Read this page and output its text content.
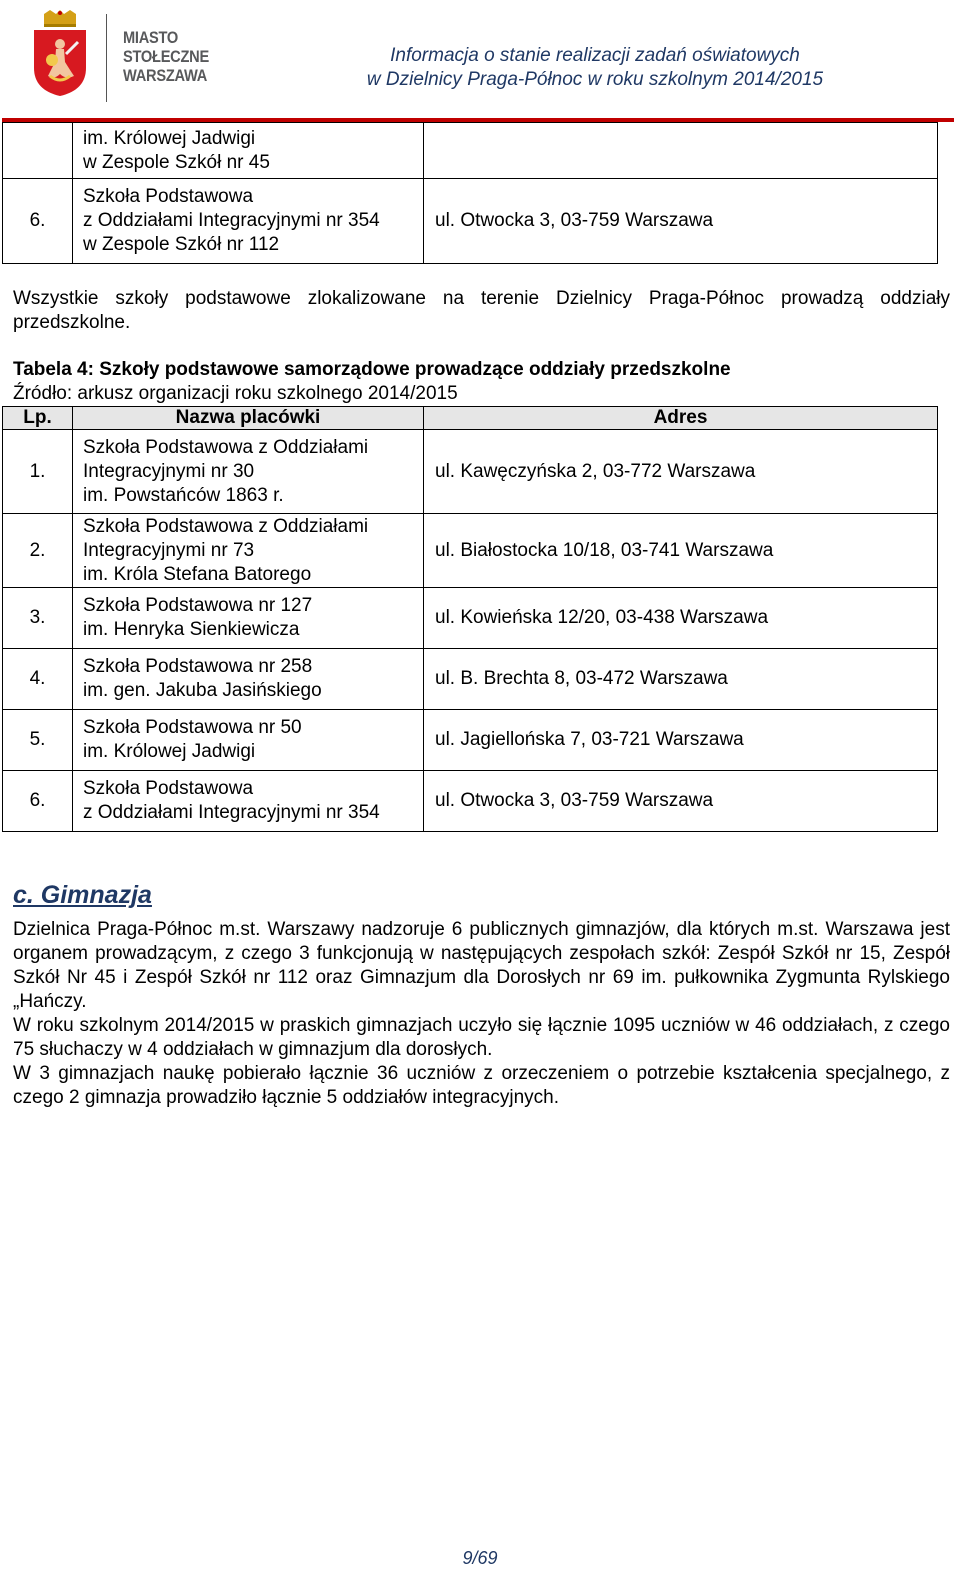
MIASTO
STOŁECZNE
WARSZAWA
Informacja o stanie realizacji zadań oświatowych
w Dzielnicy Praga-Północ w roku szkolnym 2014/2015

	im. Królowej Jadwigi
w Zespole Szkół nr 45	

6.	Szkoła Podstawowa
z Oddziałami Integracyjnymi nr 354
w Zespole Szkół nr 112	ul. Otwocka 3, 03-759 Warszawa
Wszystkie szkoły podstawowe zlokalizowane na terenie Dzielnicy Praga-Północ prowadzą oddziały przedszkolne.
Tabela 4: Szkoły podstawowe samorządowe prowadzące oddziały przedszkolne
Źródło: arkusz organizacji roku szkolnego 2014/2015
Lp.	Nazwa placówki	Adres
1.	Szkoła Podstawowa z Oddziałami
Integracyjnymi nr 30
im. Powstańców 1863 r.	ul. Kawęczyńska 2, 03-772 Warszawa
2.	Szkoła Podstawowa z Oddziałami
Integracyjnymi nr 73
im. Króla Stefana Batorego	ul. Białostocka 10/18, 03-741 Warszawa
3.	Szkoła Podstawowa nr 127
im. Henryka Sienkiewicza	ul. Kowieńska 12/20, 03-438 Warszawa
4.	Szkoła Podstawowa nr 258
im. gen. Jakuba Jasińskiego	ul. B. Brechta 8, 03-472 Warszawa
5.	Szkoła Podstawowa nr 50
im. Królowej Jadwigi	ul. Jagiellońska 7, 03-721 Warszawa
6.	Szkoła Podstawowa
z Oddziałami Integracyjnymi nr 354	ul. Otwocka 3, 03-759 Warszawa
c. Gimnazja
Dzielnica Praga-Północ m.st. Warszawy nadzoruje 6 publicznych gimnazjów, dla których m.st. Warszawa jest organem prowadzącym, z czego 3 funkcjonują w następujących zespołach szkół: Zespół Szkół nr 15, Zespół Szkół Nr 45 i Zespół Szkół nr 112 oraz Gimnazjum dla Dorosłych nr 69 im. pułkownika Zygmunta Rylskiego „Hańczy.
W roku szkolnym 2014/2015 w praskich gimnazjach uczyło się łącznie 1095 uczniów w 46 oddziałach, z czego 75 słuchaczy w 4 oddziałach w gimnazjum dla dorosłych.
W 3 gimnazjach naukę pobierało łącznie 36 uczniów z orzeczeniem o potrzebie kształcenia specjalnego, z czego 2 gimnazja prowadziło łącznie 5 oddziałów integracyjnych.
9/69
